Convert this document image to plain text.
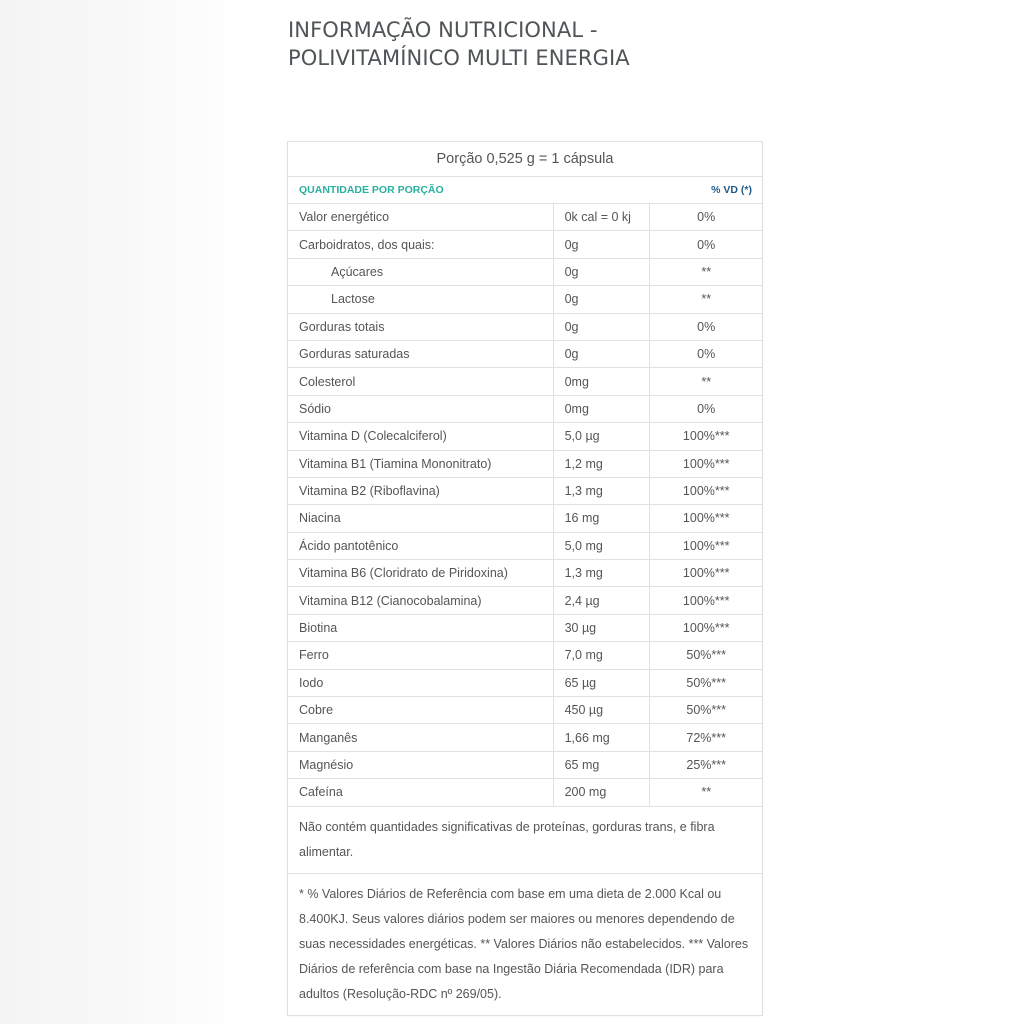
INFORMAÇÃO NUTRICIONAL -
POLIVITAMÍNICO MULTI ENERGIA
Porção 0,525 g = 1 cápsula		
QUANTIDADE POR PORÇÃO		% VD (*)
Valor energético	0k cal = 0 kj	0%
Carboidratos, dos quais:	0g	0%
Açúcares	0g	**
Lactose	0g	**
Gorduras totais	0g	0%
Gorduras saturadas	0g	0%
Colesterol	0mg	**
Sódio	0mg	0%
Vitamina D (Colecalciferol)	5,0 µg	100%***
Vitamina B1 (Tiamina Mononitrato)	1,2 mg	100%***
Vitamina B2 (Riboflavina)	1,3 mg	100%***
Niacina	16 mg	100%***
Ácido pantotênico	5,0 mg	100%***
Vitamina B6 (Cloridrato de Piridoxina)	1,3 mg	100%***
Vitamina B12 (Cianocobalamina)	2,4 µg	100%***
Biotina	30 µg	100%***
Ferro	7,0 mg	50%***
Iodo	65 µg	50%***
Cobre	450 µg	50%***
Manganês	1,66 mg	72%***
Magnésio	65 mg	25%***
Cafeína	200 mg	**
Não contém quantidades significativas de proteínas, gorduras trans, e fibra alimentar.		
* % Valores Diários de Referência com base em uma dieta de 2.000 Kcal ou 8.400KJ. Seus valores diários podem ser maiores ou menores dependendo de suas necessidades energéticas. ** Valores Diários não estabelecidos. *** Valores Diários de referência com base na Ingestão Diária Recomendada (IDR) para adultos (Resolução-RDC nº 269/05).		
